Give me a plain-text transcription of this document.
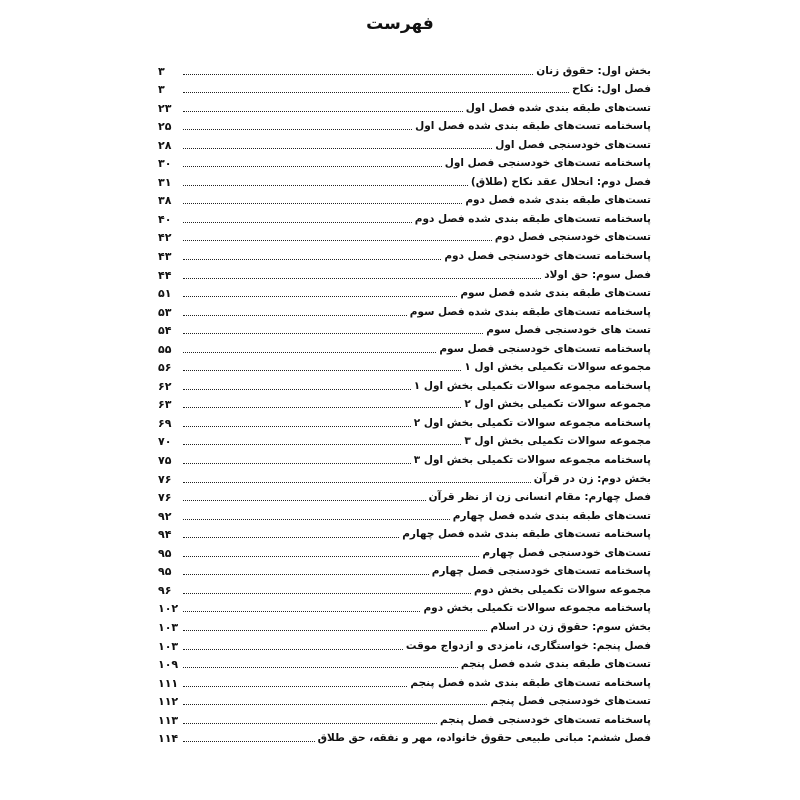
فهرست
بخش اول: حقوق زنان
۳
فصل اول: نکاح
۳
تست‌های طبقه بندی شده فصل اول
۲۳
پاسخنامه تست‌های طبقه بندی شده فصل اول
۲۵
تست‌های خودسنجی فصل اول
۲۸
پاسخنامه تست‌های خودسنجی فصل اول
۳۰
فصل دوم: انحلال عقد نکاح (طلاق)
۳۱
تست‌های طبقه بندی شده فصل دوم
۳۸
پاسخنامه تست‌های طبقه بندی شده فصل دوم
۴۰
تست‌های خودسنجی فصل دوم
۴۲
پاسخنامه تست‌های خودسنجی فصل دوم
۴۳
فصل سوم: حق اولاد
۴۴
تست‌های طبقه بندی شده فصل سوم
۵۱
پاسخنامه تست‌های طبقه بندی شده فصل سوم
۵۳
تست های خودسنجی فصل سوم
۵۴
پاسخنامه تست‌های خودسنجی فصل سوم
۵۵
مجموعه سوالات تکمیلی بخش اول ۱
۵۶
پاسخنامه مجموعه سوالات تکمیلی بخش اول ۱
۶۲
مجموعه سوالات تکمیلی بخش اول ۲
۶۳
پاسخنامه مجموعه سوالات تکمیلی بخش اول ۲
۶۹
مجموعه سوالات تکمیلی بخش اول ۳
۷۰
پاسخنامه مجموعه سوالات تکمیلی بخش اول ۳
۷۵
بخش دوم: زن در قرآن
۷۶
فصل چهارم: مقام انسانی زن از نظر قرآن
۷۶
تست‌های طبقه بندی شده فصل چهارم
۹۲
پاسخنامه تست‌های طبقه بندی شده فصل چهارم
۹۴
تست‌های خودسنجی فصل چهارم
۹۵
پاسخنامه تست‌های خودسنجی فصل چهارم
۹۵
مجموعه سوالات تکمیلی بخش دوم
۹۶
پاسخنامه مجموعه سوالات تکمیلی بخش دوم
۱۰۲
بخش سوم: حقوق زن در اسلام
۱۰۳
فصل پنجم: خواستگاری، نامزدی و ازدواج موقت
۱۰۳
تست‌های طبقه بندی شده فصل پنجم
۱۰۹
پاسخنامه تست‌های طبقه بندی شده فصل پنجم
۱۱۱
تست‌های خودسنجی فصل پنجم
۱۱۲
پاسخنامه تست‌های خودسنجی فصل پنجم
۱۱۳
فصل ششم: مبانی طبیعی حقوق خانواده، مهر و نفقه، حق طلاق
۱۱۴
